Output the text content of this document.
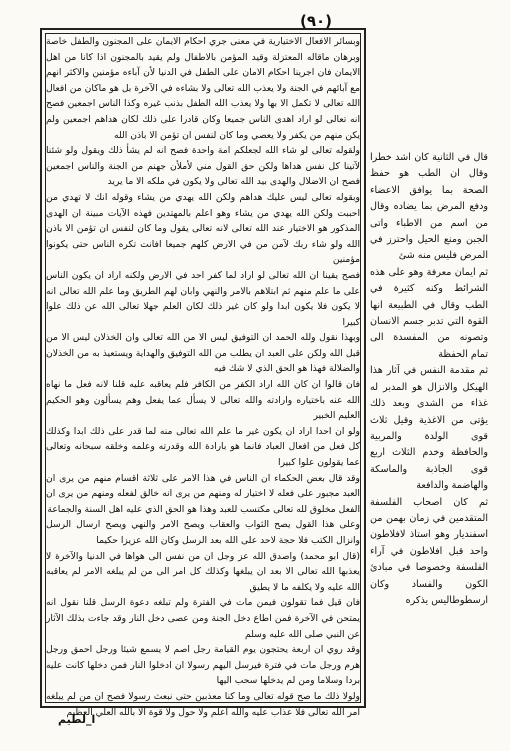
(٩٠)

وبسائر الافعال الاختيارية في معنى جري احكام الايمان على المجنون والطفل خاصة وبرهان ماقاله المعتزلة وقيد المؤمن بالاطفال ولم يقيد بالمجنون اذا كانا من اهل الايمان فان اجرينا احكام الامان على الطفل في الدنيا لأن آباءه مؤمنين والاكثر انهم مع آبائهم في الجنة ولا يعذب الله تعالى ولا بشاءه في الآخرة بل هو ماكان من افعال الله تعالى لا تكمل الا بها ولا يعذب الله الطفل بذنب غيره وكذا الناس اجمعين فصح انه تعالى لو اراد اهدى الناس جميعا وكان قادرا على ذلك لكان هداهم اجمعين ولم يكن منهم من يكفر ولا يعصي وما كان لنفس ان تؤمن الا باذن الله

ولقوله تعالى لو شاء الله لجعلكم امة واحدة فصح انه لم يشأ ذلك ويقول ولو شئنا لآتينا كل نفس هداها ولكن حق القول مني لأملأن جهنم من الجنة والناس اجمعين فصح ان الاضلال والهدى بيد الله تعالى ولا يكون في ملكه الا ما يريد

وبقوله تعالى ليس عليك هداهم ولكن الله يهدي من يشاء وقوله انك لا تهدي من احببت ولكن الله يهدي من يشاء وهو اعلم بالمهتدين فهذه الآيات مبينة ان الهدى المذكور هو الاختيار عند الله تعالى لانه تعالى يقول وما كان لنفس ان تؤمن الا باذن الله ولو شاء ربك لآمن من في الارض كلهم جميعا افانت تكره الناس حتى يكونوا مؤمنين

فصح يقينا ان الله تعالى لو اراد لما كفر احد في الارض ولكنه اراد ان يكون الناس على ما علم منهم ثم ابتلاهم بالامر والنهي وابان لهم الطريق وما علم الله تعالى انه لا يكون فلا يكون ابدا ولو كان غير ذلك لكان العلم جهلا تعالى الله عن ذلك علوا كبيرا

وبهذا نقول ولله الحمد ان التوفيق ليس الا من الله تعالى وان الخذلان ليس الا من قبل الله ولكن على العبد ان يطلب من الله التوفيق والهداية ويستعيذ به من الخذلان والضلالة فهذا هو الحق الذي لا شك فيه

فان قالوا ان كان الله اراد الكفر من الكافر فلم يعاقبه عليه قلنا لانه فعل ما نهاه الله عنه باختياره وارادته والله تعالى لا يسأل عما يفعل وهم يسألون وهو الحكيم العليم الخبير

ولو ان احدا اراد ان يكون غير ما علم الله تعالى منه لما قدر على ذلك ابدا وكذلك كل فعل من افعال العباد فانما هو بارادة الله وقدرته وعلمه وخلقه سبحانه وتعالى عما يقولون علوا كبيرا

وقد قال بعض الحكماء ان الناس في هذا الامر على ثلاثة اقسام منهم من يرى ان العبد مجبور على فعله لا اختيار له ومنهم من يرى انه خالق لفعله ومنهم من يرى ان الفعل مخلوق لله تعالى مكتسب للعبد وهذا هو الحق الذي عليه اهل السنة والجماعة

وعلى هذا القول يصح الثواب والعقاب ويصح الامر والنهي ويصح ارسال الرسل وانزال الكتب فلا حجة لاحد على الله بعد الرسل وكان الله عزيزا حكيما

(قال ابو محمد) واصدق الله عز وجل ان من نفس الى هواها في الدنيا والآخرة لا يعذبها الله تعالى الا بعد ان يبلغها وكذلك كل امر الى من لم يبلغه الامر لم يعاقبه الله عليه ولا يكلفه ما لا يطيق

فان قيل فما تقولون فيمن مات في الفترة ولم تبلغه دعوة الرسل قلنا نقول انه يمتحن في الآخرة فمن اطاع دخل الجنة ومن عصى دخل النار وقد جاءت بذلك الآثار عن النبي صلى الله عليه وسلم

وقد روي ان اربعة يحتجون يوم القيامة رجل اصم لا يسمع شيئا ورجل احمق ورجل هرم ورجل مات في فترة فيرسل اليهم رسولا ان ادخلوا النار فمن دخلها كانت عليه بردا وسلاما ومن لم يدخلها سحب اليها

ولولا ذلك ما صح قوله تعالى وما كنا معذبين حتى نبعث رسولا فصح ان من لم يبلغه امر الله تعالى فلا عذاب عليه والله اعلم ولا حول ولا قوة الا بالله العلي العظيم

قال في الثانية كان اشد خطرا وقال ان الطب هو حفظ الصحة بما يوافق الاعضاء ودفع المرض بما يضاده وقال من اسم من الاطباء واتى الجبن ومنع الحيل واحترز في المرض فليس منه شئ

ثم ايمان معرفة وهو على هذه الشرائط وكنه كثيرة في الطب وقال في الطبيعة انها القوة التي تدبر جسم الانسان وتصونه من المفسدة الى تمام الحفظة

ثم مقدمة النفس في آثار هذا الهيكل والانزال هو المدبر له غذاء من الشدى وبعد ذلك يؤتى من الاغذية وقيل ثلاث قوى الولدة والمربية والحافظة وخدم الثلاث اربع قوى الجاذبة والماسكة والهاضمة والدافعة

ثم كان اصحاب الفلسفة المتقدمين في زمان بهمن من اسفنديار وهو استاذ لافلاطون واحد قبل افلاطون في آراء الفلسفة وخصوصا في مبادئ الكون والفساد وكان ارسطوطاليس يذكره

ا_لطيم
